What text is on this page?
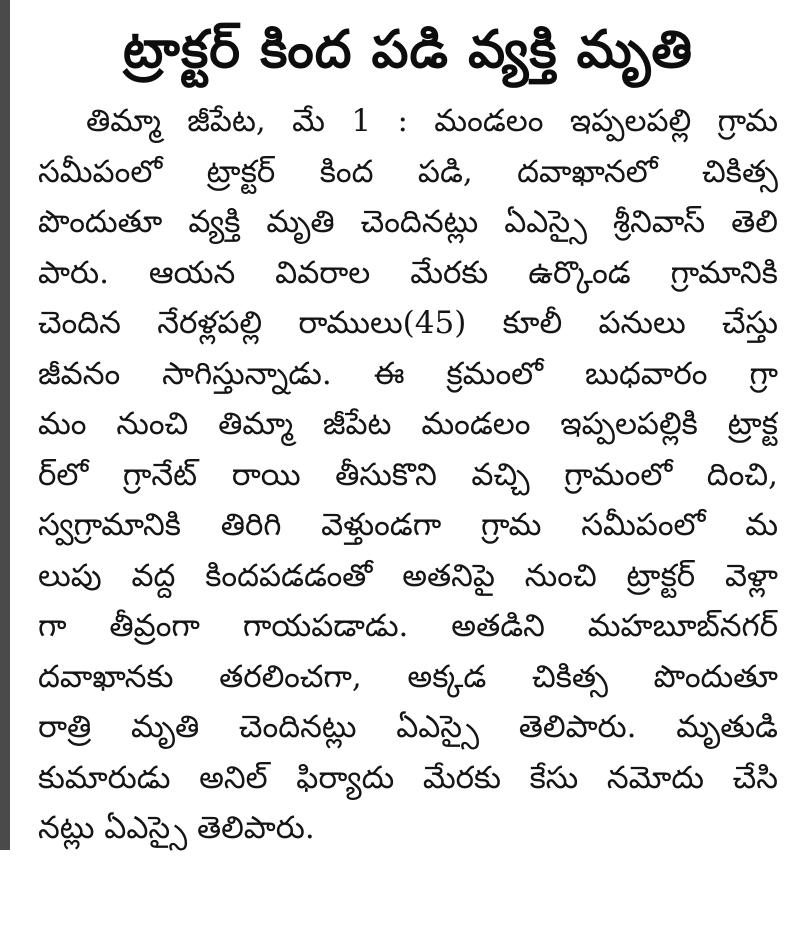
ట్రాక్టర్ కింద పడి వ్యక్తి మృతి
తిమ్మా జీపేట, మే 1 : మండలం ఇప్పలపల్లి గ్రామ
సమీపంలో ట్రాక్టర్ కింద పడి, దవాఖానలో చికిత్స
పొందుతూ వ్యక్తి మృతి చెందినట్లు ఏఎస్సై శ్రీనివాస్ తెలి
పారు. ఆయన వివరాల మేరకు ఉర్కొండ గ్రామానికి
చెందిన నేరళ్లపల్లి రాములు(45) కూలీ పనులు చేస్తు
జీవనం సాగిస్తున్నాడు. ఈ క్రమంలో బుధవారం గ్రా
మం నుంచి తిమ్మా జీపేట మండలం ఇప్పలపల్లికి ట్రాక్ట
ర్‌లో గ్రానేట్ రాయి తీసుకొని వచ్చి గ్రామంలో దించి,
స్వగ్రామానికి తిరిగి వెళ్తుండగా గ్రామ సమీపంలో మ
లుపు వద్ద కిందపడడంతో అతనిపై నుంచి ట్రాక్టర్ వెళ్లా
గా తీవ్రంగా గాయపడాడు. అతడిని మహబూబ్‌నగర్
దవాఖానకు తరలించగా, అక్కడ చికిత్స పొందుతూ
రాత్రి మృతి చెందినట్లు ఏఎస్సై తెలిపారు. మృతుడి
కుమారుడు అనిల్ ఫిర్యాదు మేరకు కేసు నమోదు చేసి
నట్లు ఏఎస్సై తెలిపారు.
